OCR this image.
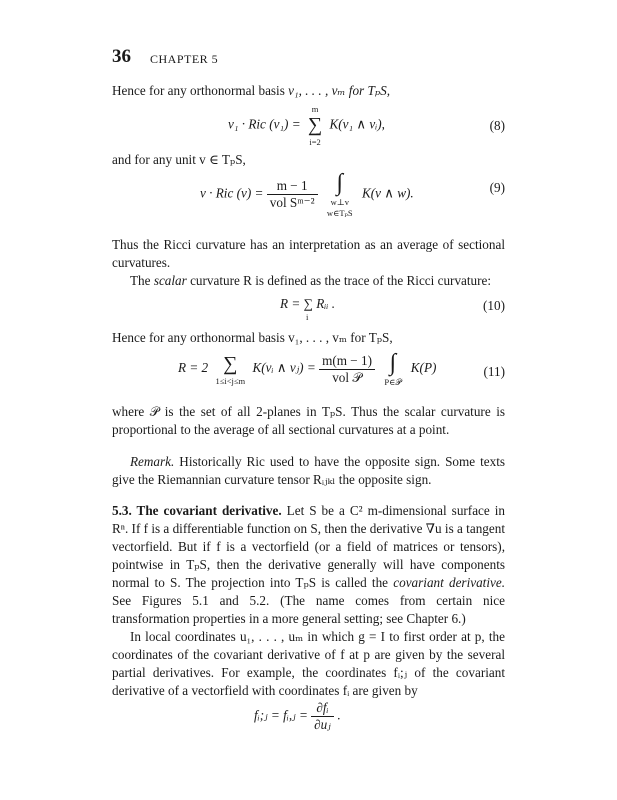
36 CHAPTER 5
Hence for any orthonormal basis v₁, . . . , vₘ for TₚS,
v₁ · Ric (v₁) =
m
∑
i=2
K(v₁ ∧ vᵢ),	(8)
and for any unit v ∈ TₚS,
v · Ric $(v) = \frac{m - 1}{\text{vol Sᵐ⁻²}}$ ∫
w⊥v
w∈TₚS
K(v ∧ w).	(9)
Thus the Ricci curvature has an interpretation as an average of sectional curvatures.
The scalar curvature R is defined as the trace of the Ricci curvature:
R = ∑ Rᵢᵢ .
i
(10)
Hence for any orthonormal basis v₁, . . . , vₘ for TₚS,
R = 2 ∑
1≤i<j≤m
K(vᵢ ∧ vⱼ) = $\frac{m(m - 1)}{\text{vol 𝒫}}$ ∫
P∈𝒫
K(P)	(11)
where 𝒫 is the set of all 2-planes in TₚS. Thus the scalar curvature is proportional to the average of all sectional curvatures at a point.
Remark. Historically Ric used to have the opposite sign. Some texts give the Riemannian curvature tensor Rᵢⱼₖₗ the opposite sign.
5.3. The covariant derivative. Let S be a C² m-dimensional surface in Rⁿ. If f is a differentiable function on S, then the derivative ∇u is a tangent vectorfield. But if f is a vectorfield (or a field of matrices or tensors), pointwise in TₚS, then the derivative generally will have components normal to S. The projection into TₚS is called the covariant derivative. See Figures 5.1 and 5.2. (The name comes from certain nice transformation properties in a more general setting; see Chapter 6.)
In local coordinates u₁, . . . , uₘ in which g = I to first order at p, the coordinates of the covariant derivative of f at p are given by the several partial derivatives. For example, the coordinates fᵢ;ⱼ of the covariant derivative of a vectorfield with coordinates fᵢ are given by
fᵢ;ⱼ = fᵢ,ⱼ = $\frac{\text{∂fᵢ}}{\text{∂uⱼ}}$ .
